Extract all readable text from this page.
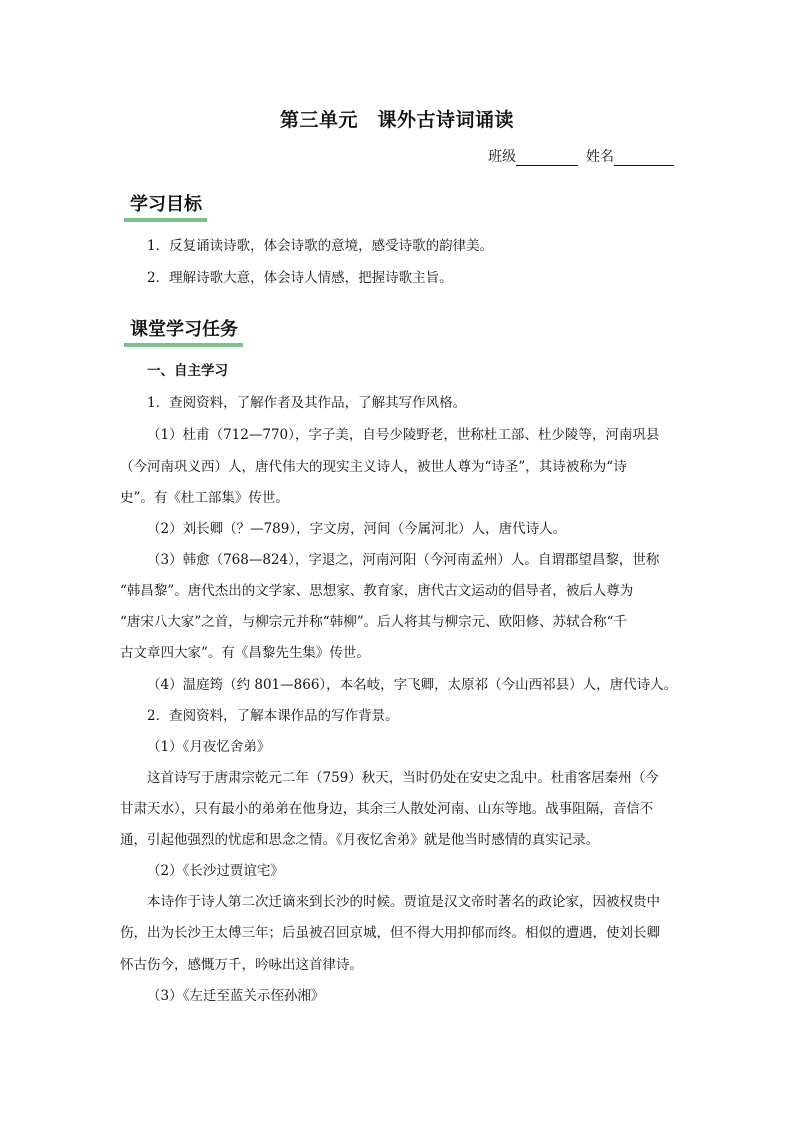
第三单元　课外古诗词诵读
班级	姓名
学习目标
1．反复诵读诗歌，体会诗歌的意境，感受诗歌的韵律美。
2．理解诗歌大意，体会诗人情感，把握诗歌主旨。
课堂学习任务
一、自主学习
1．查阅资料，了解作者及其作品，了解其写作风格。
（1）杜甫（712—770），字子美，自号少陵野老，世称杜工部、杜少陵等，河南巩县
（今河南巩义西）人，唐代伟大的现实主义诗人，被世人尊为“诗圣”，其诗被称为“诗
史”。有《杜工部集》传世。
（2）刘长卿（？—789），字文房，河间（今属河北）人，唐代诗人。
（3）韩愈（768—824），字退之，河南河阳（今河南孟州）人。自谓郡望昌黎，世称
“韩昌黎”。唐代杰出的文学家、思想家、教育家，唐代古文运动的倡导者，被后人尊为
“唐宋八大家”之首，与柳宗元并称“韩柳”。后人将其与柳宗元、欧阳修、苏轼合称“千
古文章四大家”。有《昌黎先生集》传世。
（4）温庭筠（约 801—866），本名岐，字飞卿，太原祁（今山西祁县）人，唐代诗人。
2．查阅资料，了解本课作品的写作背景。
（1）《月夜忆舍弟》
这首诗写于唐肃宗乾元二年（759）秋天，当时仍处在安史之乱中。杜甫客居秦州（今
甘肃天水），只有最小的弟弟在他身边，其余三人散处河南、山东等地。战事阻隔，音信不
通，引起他强烈的忧虑和思念之情。《月夜忆舍弟》就是他当时感情的真实记录。
（2）《长沙过贾谊宅》
本诗作于诗人第二次迁谪来到长沙的时候。贾谊是汉文帝时著名的政论家，因被权贵中
伤，出为长沙王太傅三年；后虽被召回京城，但不得大用抑郁而终。相似的遭遇，使刘长卿
怀古伤今，感慨万千，吟咏出这首律诗。
（3）《左迁至蓝关示侄孙湘》
